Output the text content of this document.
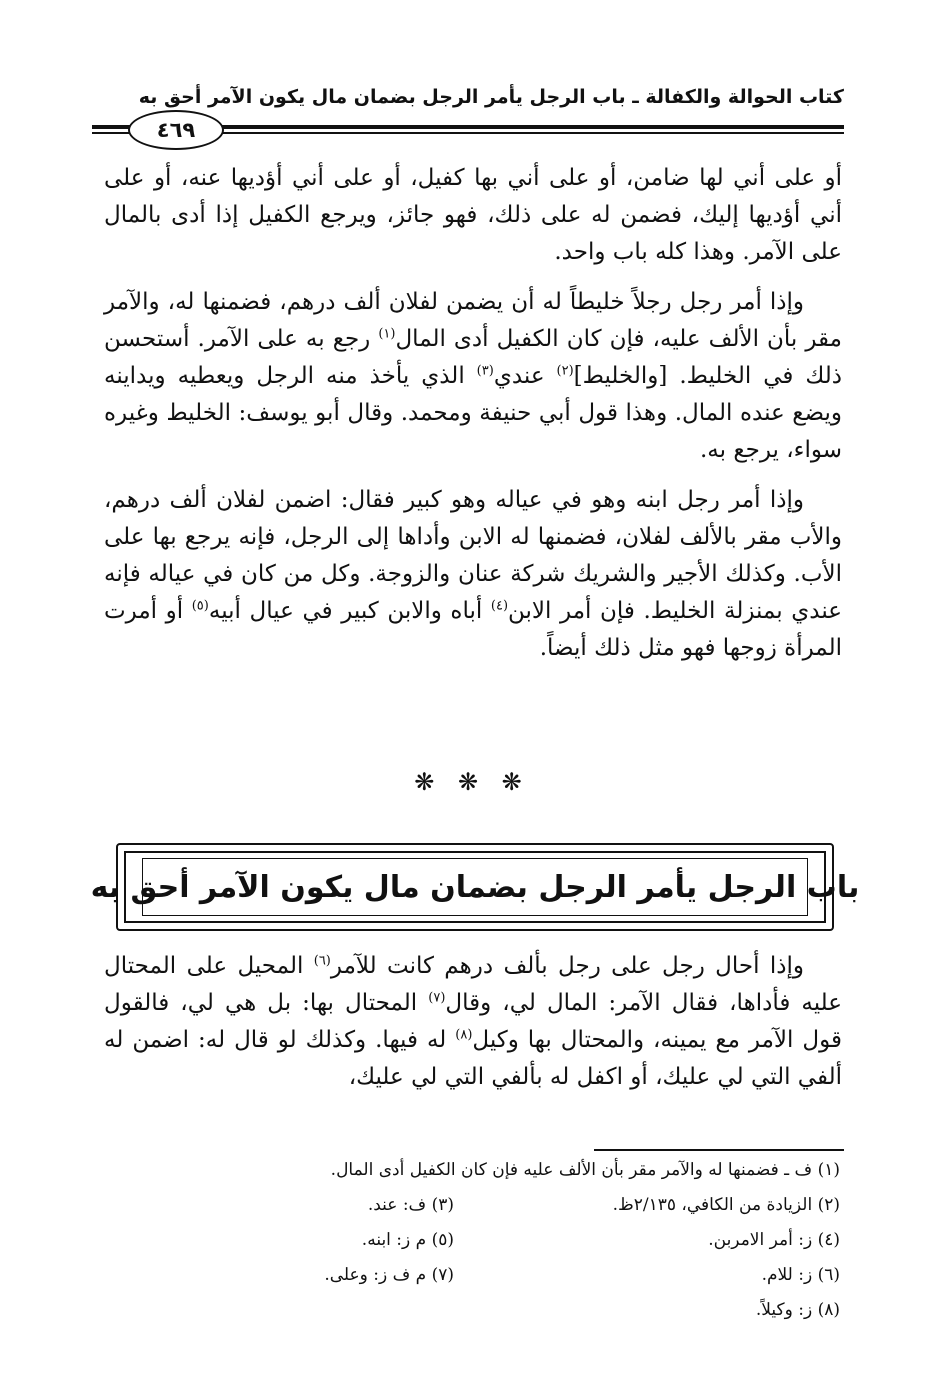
كتاب الحوالة والكفالة ـ باب الرجل يأمر الرجل بضمان مال يكون الآمر أحق به
٤٦٩

أو على أني لها ضامن، أو على أني بها كفيل، أو على أني أؤديها عنه، أو على أني أؤديها إليك، فضمن له على ذلك، فهو جائز، ويرجع الكفيل إذا أدى بالمال على الآمر. وهذا كله باب واحد.

وإذا أمر رجل رجلاً خليطاً له أن يضمن لفلان ألف درهم، فضمنها له، والآمر مقر بأن الألف عليه، فإن كان الكفيل أدى المال$^{(١)}$ رجع به على الآمر. أستحسن ذلك في الخليط. [والخليط]$^{(٢)}$ عندي$^{(٣)}$ الذي يأخذ منه الرجل ويعطيه ويداينه ويضع عنده المال. وهذا قول أبي حنيفة ومحمد. وقال أبو يوسف: الخليط وغيره سواء، يرجع به.

وإذا أمر رجل ابنه وهو في عياله وهو كبير فقال: اضمن لفلان ألف درهم، والأب مقر بالألف لفلان، فضمنها له الابن وأداها إلى الرجل، فإنه يرجع بها على الأب. وكذلك الأجير والشريك شركة عنان والزوجة. وكل من كان في عياله فإنه عندي بمنزلة الخليط. فإن أمر الابن$^{(٤)}$ أباه والابن كبير في عيال أبيه$^{(٥)}$ أو أمرت المرأة زوجها فهو مثل ذلك أيضاً.

❋ ❋ ❋
باب الرجل يأمر الرجل بضمان مال يكون الآمر أحق به

وإذا أحال رجل على رجل بألف درهم كانت للآمر$^{(٦)}$ المحيل على المحتال عليه فأداها، فقال الآمر: المال لي، وقال$^{(٧)}$ المحتال بها: بل هي لي، فالقول قول الآمر مع يمينه، والمحتال بها وكيل$^{(٨)}$ له فيها. وكذلك لو قال له: اضمن له ألفي التي لي عليك، أو اكفل له بألفي التي لي عليك،

(١) ف ـ فضمنها له والآمر مقر بأن الألف عليه فإن كان الكفيل أدى المال.
(٢) الزيادة من الكافي، ٢/١٣٥ظ.
(٣) ف: عند.
(٤) ز: أمر الامربن.
(٥) م ز: ابنه.
(٦) ز: للام.
(٧) م ف ز: وعلى.
(٨) ز: وكيلاً.
